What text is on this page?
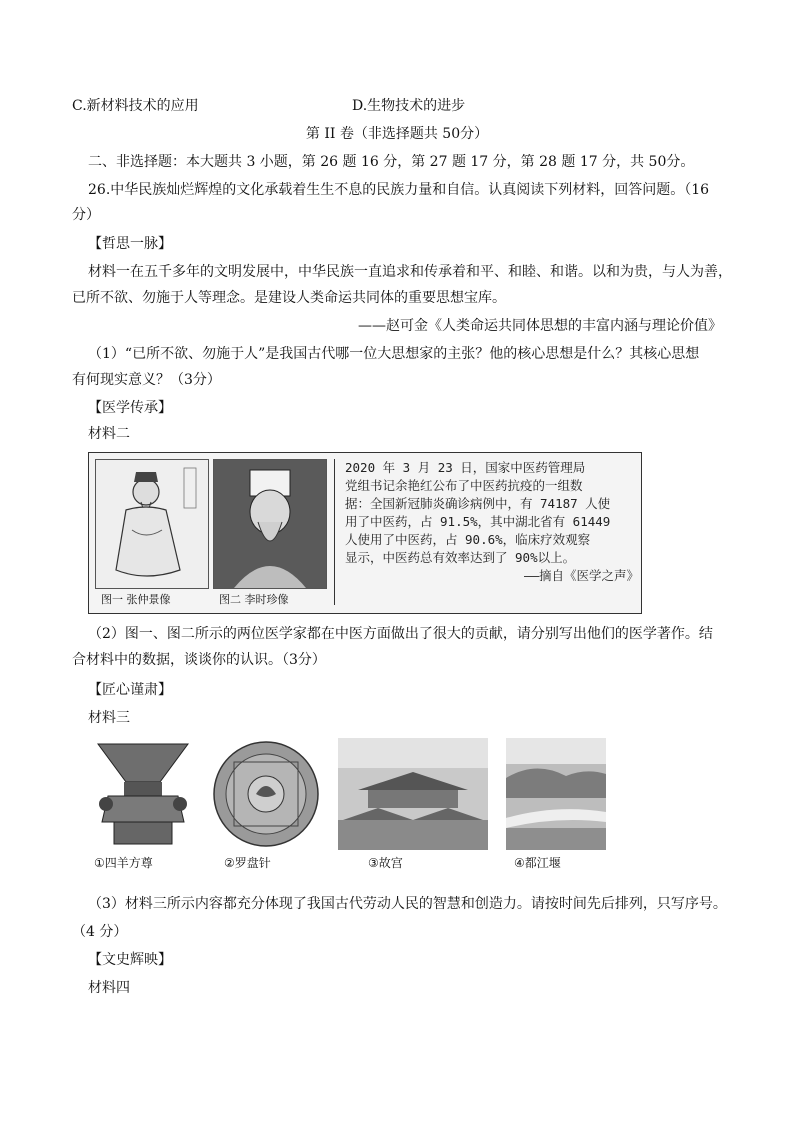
C.新材料技术的应用	D.生物技术的进步
第 II 卷（非选择题共 50分）
二、非选择题：本大题共 3 小题，第 26 题 16 分，第 27 题 17 分，第 28 题 17 分，共 50分。
26.中华民族灿烂辉煌的文化承载着生生不息的民族力量和自信。认真阅读下列材料，回答问题。（16
分）
【哲思一脉】
材料一在五千多年的文明发展中，中华民族一直追求和传承着和平、和睦、和谐。以和为贵，与人为善，
已所不欲、勿施于人等理念。是建设人类命运共同体的重要思想宝库。
——赵可金《人类命运共同体思想的丰富内涵与理论价值》
（1）“已所不欲、勿施于人”是我国古代哪一位大思想家的主张？他的核心思想是什么？其核心思想
有何现实意义？（3分）
【医学传承】
材料二
图一 张仲景像	图二 李时珍像
2020 年 3 月 23 日，国家中医药管理局
党组书记余艳红公布了中医药抗疫的一组数
据：全国新冠肺炎确诊病例中，有 74187 人使
用了中医药，占 91.5%，其中湖北省有 61449
人使用了中医药，占 90.6%，临床疗效观察
显示，中医药总有效率达到了 90%以上。
——摘自《医学之声》
（2）图一、图二所示的两位医学家都在中医方面做出了很大的贡献，请分别写出他们的医学著作。结
合材料中的数据，谈谈你的认识。（3分）
【匠心谨肃】
材料三
①四羊方尊	②罗盘针	③故宫	④都江堰
（3）材料三所示内容都充分体现了我国古代劳动人民的智慧和创造力。请按时间先后排列，只写序号。
（4 分）
【文史辉映】
材料四
